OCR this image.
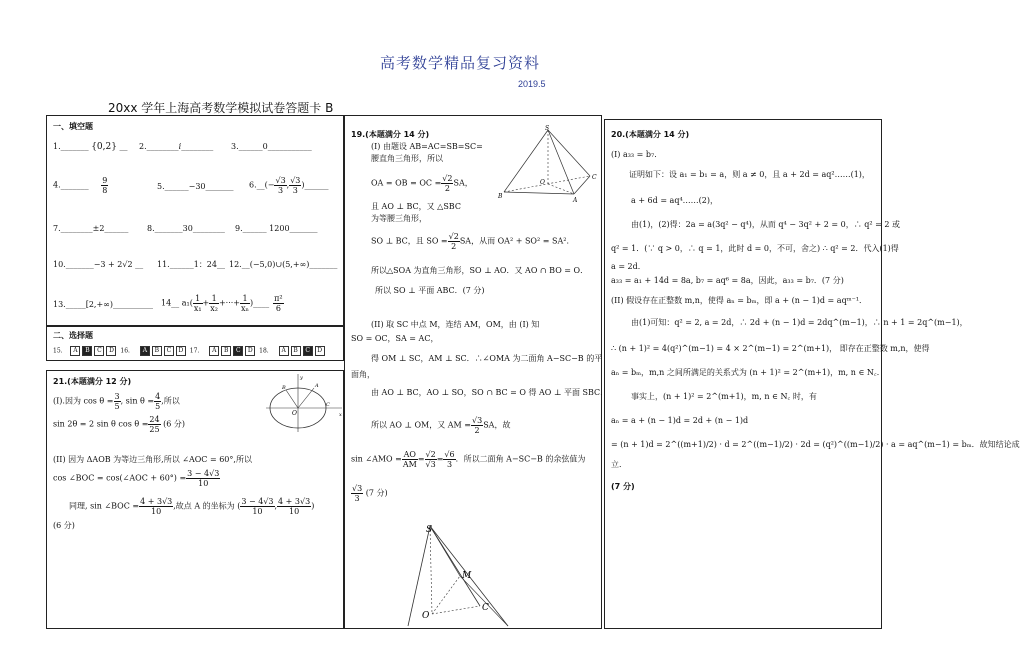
高考数学精品复习资料
2019.5
20xx 学年上海高考数学模拟试卷答题卡 B
一、填空题
1._______ {0,2} __ 2.________i________ 3.______0___________
4._______ $\frac{9}{8}$	5.______−30_______ 6.__(− $\frac{√3}{3}$ , $\frac{√3}{3}$ )______
7.________±2______ 8._______30________ 9.______ 1200_______
10._______−3 + 2√2 __ 11.______1：24__ 12.__(−5,0)∪(5,+∞)_______
13._____[2,+∞)__________ 14__ $a_1( \frac{1}{\text{x₁}} + \frac{1}{\text{x₂}}$ +···+ $\frac{1}{\text{xₙ}}$ )____ $\frac{\text{π²}}{6}$
二、选择题
15. A B C D 16. A B C D 17. A B C D 18. A B C D
21.(本题满分 12 分)
(I).因为 $\cos \theta = \frac{3}{5}$ , $\sin \theta = \frac{4}{5}$ ,所以
sin 2θ = 2 sin θ $\cos \theta = \frac{24}{25} (6$ 分)
(II) 因为 ΔAOB 为等边三角形,所以 ∠AOC = 60°,所以
cos ∠BOC = cos(∠AOC + $60^\circ) = \frac{3 - 4√3}{10}$
同理, sin ∠BOC = $\frac{4 + 3√3}{10}$ ,故点 A 的坐标为 ( $\frac{3 - 4√3}{10}$ , $\frac{4 + 3√3}{10}$ )
(6 分)
y
x
O
A
B
C
19.(本题满分 14 分)
(I) 由题设 AB=AC=SB=SC=
腰直角三角形，所以
OA = OB = OC = $\frac{√2}{2}$ SA，
且 AO ⊥ BC，又 △SBC
为等腰三角形，
SO ⊥ BC，且 SO = $\frac{√2}{2}$ SA，从而 OA² + SO² = SA²．
所以△SOA 为直角三角形，SO ⊥ AO．又 AO ∩ BO = O．
所以 SO ⊥ 平面 ABC．(7 分)
(II) 取 SC 中点 M，连结 AM，OM，由 (I) 知
SO = OC，SA = AC，
得 OM ⊥ SC，AM ⊥ SC．∴∠OMA 为二面角 A−SC−B 的平
面角，
由 AO ⊥ BC，AO ⊥ SO，SO ∩ BC = O 得 AO ⊥ 平面 SBC．
所以 AO ⊥ OM，又 AM = $\frac{√3}{2}$ SA，故
sin ∠AMO = $\frac{AO}{AM} = \frac{√2}{√3} = \frac{√6}{3}$ ．所以二面角 A−SC−B 的余弦值为
$\frac{√3}{3} (7$ 分)
S
O
B
A
C
S
M
O
C
20.(本题满分 14 分)
(I) a₃₃ = b₇．
证明如下：设 a₁ = b₁ = a，则 a ≠ 0，且 a + 2d = aq²……(1)，
a + 6d = aq⁴……(2)，
由(1)，(2)得：2a = a(3q² − q⁴)，从而 q⁴ − 3q² + 2 = 0，∴ q² = 2 或
q² = 1．(∵ q > 0，∴ q = 1，此时 d = 0，不可，舍之) ∴ q² = 2．代入(1)得
a = 2d．
a₃₃ = a₁ + 14d = 8a, b₇ = aq⁶ = 8a，因此，a₃₃ = b₇．(7 分)
(II) 假设存在正整数 m,n，使得 aₙ = bₘ，即 a + (n − 1)d = aqᵐ⁻¹．
由(1)可知：q² = 2, a = 2d，∴ 2d + (n − 1)d = 2dq^(m−1)，∴ n + 1 = 2q^(m−1)，
∴ (n + 1)² = 4(q²)^(m−1) = 4 × 2^(m−1) = 2^(m+1)， 即存在正整数 m,n，使得
aₙ = bₘ，m,n 之间所满足的关系式为 (n + 1)² = 2^(m+1)，m, n ∈ N꜀．
事实上，(n + 1)² = 2^(m+1)，m, n ∈ N꜀ 时，有
aₙ = a + (n − 1)d = 2d + (n − 1)d
= (n + 1)d = 2^((m+1)/2) · d = 2^((m−1)/2) · 2d = (q²)^((m−1)/2) · a = aq^(m−1) = bₘ．故知结论成
立．
(7 分)
